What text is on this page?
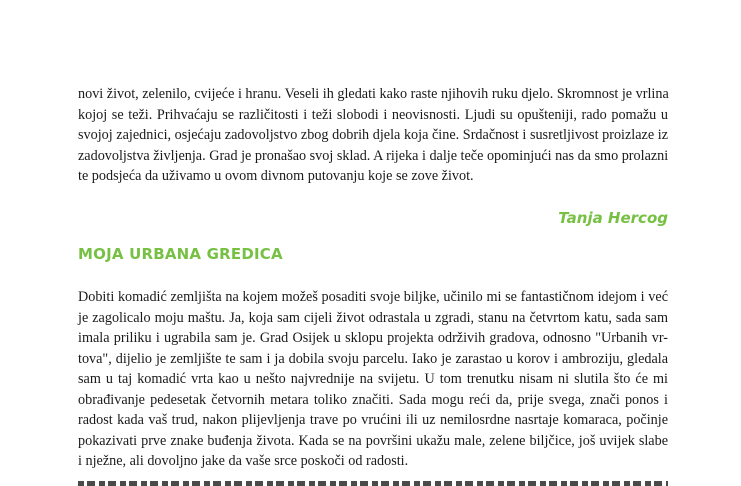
novi život, zelenilo, cvijeće i hranu. Veseli ih gledati kako raste njihovih ruku djelo. Skromnost je vrlina
kojoj se teži. Prihvaćaju se različitosti i teži slobodi i neovisnosti. Ljudi su opušteniji, rado pomažu u
svojoj zajednici, osjećaju zadovoljstvo zbog dobrih djela koja čine. Srdačnost i susretljivost proizlaze iz
zadovoljstva življenja. Grad je pronašao svoj sklad. A rijeka i dalje teče opominjući nas da smo prolazni
te podsjeća da uživamo u ovom divnom putovanju koje se zove život.

Tanja Hercog

MOJA URBANA GREDICA

Dobiti komadić zemljišta na kojem možeš posaditi svoje biljke, učinilo mi se fantastičnom idejom i već
je zagolicalo moju maštu. Ja, koja sam cijeli život odrastala u zgradi, stanu na četvrtom katu, sada sam
imala priliku i ugrabila sam je. Grad Osijek u sklopu projekta održivih gradova, odnosno "Urbanih vr-
tova", dijelio je zemljište te sam i ja dobila svoju parcelu. Iako je zarastao u korov i ambroziju, gledala
sam u taj komadić vrta kao u nešto najvrednije na svijetu. U tom trenutku nisam ni slutila što će mi
obrađivanje pedesetak četvornih metara toliko značiti. Sada mogu reći da, prije svega, znači ponos i
radost kada vaš trud, nakon plijevljenja trave po vrućini ili uz nemilosrdne nasrtaje komaraca, počinje
pokazivati prve znake buđenja života. Kada se na površini ukažu male, zelene biljčice, još uvijek slabe
i nježne, ali dovoljno jake da vaše srce poskoči od radosti.
